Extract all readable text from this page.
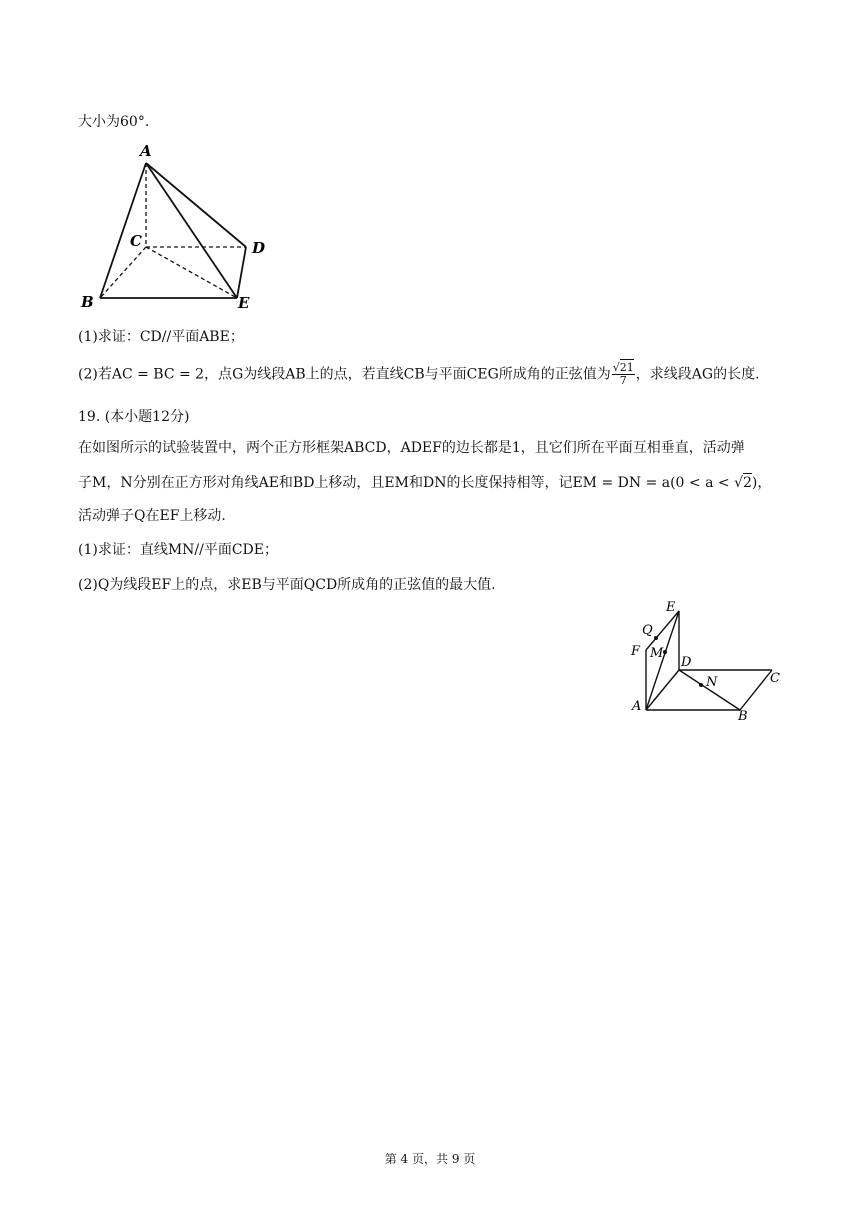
大小为60°.
A
C	D
B	E
(1)求证：CD//平面ABE；
(2)若AC = BC = 2，点G为线段AB上的点，若直线CB与平面CEG所成角的正弦值为 $\frac{√21}{7}$ ，求线段AG的长度.
19. (本小题12分)
在如图所示的试验装置中，两个正方形框架ABCD，ADEF的边长都是1，且它们所在平面互相垂直，活动弹
子M，N分别在正方形对角线AE和BD上移动，且EM和DN的长度保持相等，记EM = DN = a(0 < a < √2)，
活动弹子Q在EF上移动.
(1)求证：直线MN//平面CDE；
(2)Q为线段EF上的点，求EB与平面QCD所成角的正弦值的最大值.
E
Q
M
F
D
N	C
A
B
第 4 页，共 9 页
